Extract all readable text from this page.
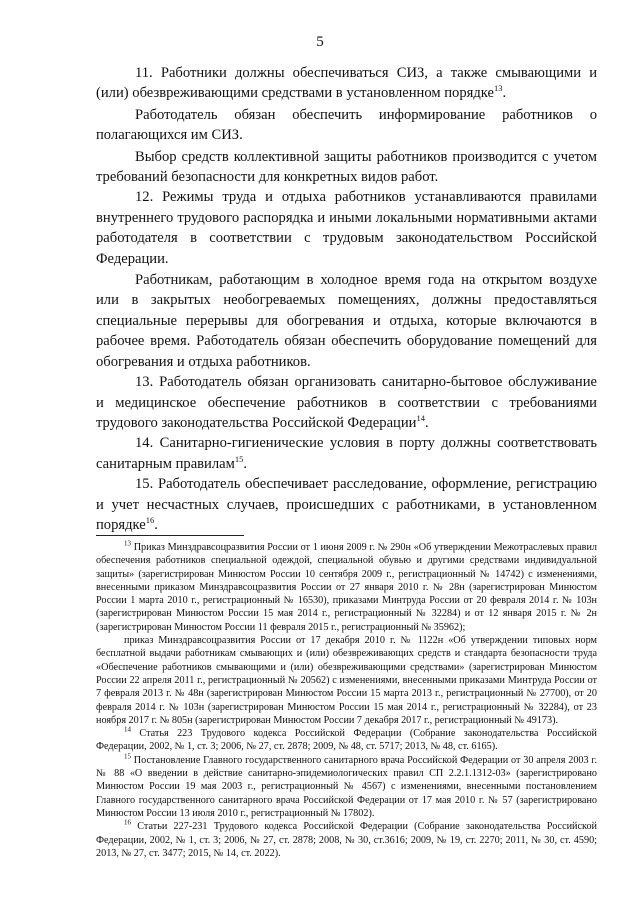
5

11. Работники должны обеспечиваться СИЗ, а также смывающими и (или) обезвреживающими средствами в установленном порядке$^{13}$.

Работодатель обязан обеспечить информирование работников о полагающихся им СИЗ.

Выбор средств коллективной защиты работников производится с учетом требований безопасности для конкретных видов работ.

12. Режимы труда и отдыха работников устанавливаются правилами внутреннего трудового распорядка и иными локальными нормативными актами работодателя в соответствии с трудовым законодательством Российской Федерации.

Работникам, работающим в холодное время года на открытом воздухе или в закрытых необогреваемых помещениях, должны предоставляться специальные перерывы для обогревания и отдыха, которые включаются в рабочее время. Работодатель обязан обеспечить оборудование помещений для обогревания и отдыха работников.

13. Работодатель обязан организовать санитарно-бытовое обслуживание и медицинское обеспечение работников в соответствии с требованиями трудового законодательства Российской Федерации$^{14}$.

14. Санитарно-гигиенические условия в порту должны соответствовать санитарным правилам$^{15}$.

15. Работодатель обеспечивает расследование, оформление, регистрацию и учет несчастных случаев, происшедших с работниками, в установленном порядке$^{16}$.

$^{13}$ Приказ Минздравсоцразвития России от 1 июня 2009 г. № 290н «Об утверждении Межотраслевых правил обеспечения работников специальной одеждой, специальной обувью и другими средствами индивидуальной защиты» (зарегистрирован Минюстом России 10 сентября 2009 г., регистрационный № 14742) с изменениями, внесенными приказом Минздравсоцразвития России от 27 января 2010 г. № 28н (зарегистрирован Минюстом России 1 марта 2010 г., регистрационный № 16530), приказами Минтруда России от 20 февраля 2014 г. № 103н (зарегистрирован Минюстом России 15 мая 2014 г., регистрационный № 32284) и от 12 января 2015 г. № 2н (зарегистрирован Минюстом России 11 февраля 2015 г., регистрационный № 35962);

приказ Минздравсоцразвития России от 17 декабря 2010 г. № 1122н «Об утверждении типовых норм бесплатной выдачи работникам смывающих и (или) обезвреживающих средств и стандарта безопасности труда «Обеспечение работников смывающими и (или) обезвреживающими средствами» (зарегистрирован Минюстом России 22 апреля 2011 г., регистрационный № 20562) с изменениями, внесенными приказами Минтруда России от 7 февраля 2013 г. № 48н (зарегистрирован Минюстом России 15 марта 2013 г., регистрационный № 27700), от 20 февраля 2014 г. № 103н (зарегистрирован Минюстом России 15 мая 2014 г., регистрационный № 32284), от 23 ноября 2017 г. № 805н (зарегистрирован Минюстом России 7 декабря 2017 г., регистрационный № 49173).

$^{14}$ Статья 223 Трудового кодекса Российской Федерации (Собрание законодательства Российской Федерации, 2002, № 1, ст. 3; 2006, № 27, ст. 2878; 2009, № 48, ст. 5717; 2013, № 48, ст. 6165).

$^{15}$ Постановление Главного государственного санитарного врача Российской Федерации от 30 апреля 2003 г. № 88 «О введении в действие санитарно-эпидемиологических правил СП 2.2.1.1312-03» (зарегистрировано Минюстом России 19 мая 2003 г., регистрационный № 4567) с изменениями, внесенными постановлением Главного государственного санитарного врача Российской Федерации от 17 мая 2010 г. № 57 (зарегистрировано Минюстом России 13 июля 2010 г., регистрационный № 17802).

$^{16}$ Статьи 227-231 Трудового кодекса Российской Федерации (Собрание законодательства Российской Федерации, 2002, № 1, ст. 3; 2006, № 27, ст. 2878; 2008, № 30, ст.3616; 2009, № 19, ст. 2270; 2011, № 30, ст. 4590; 2013, № 27, ст. 3477; 2015, № 14, ст. 2022).
